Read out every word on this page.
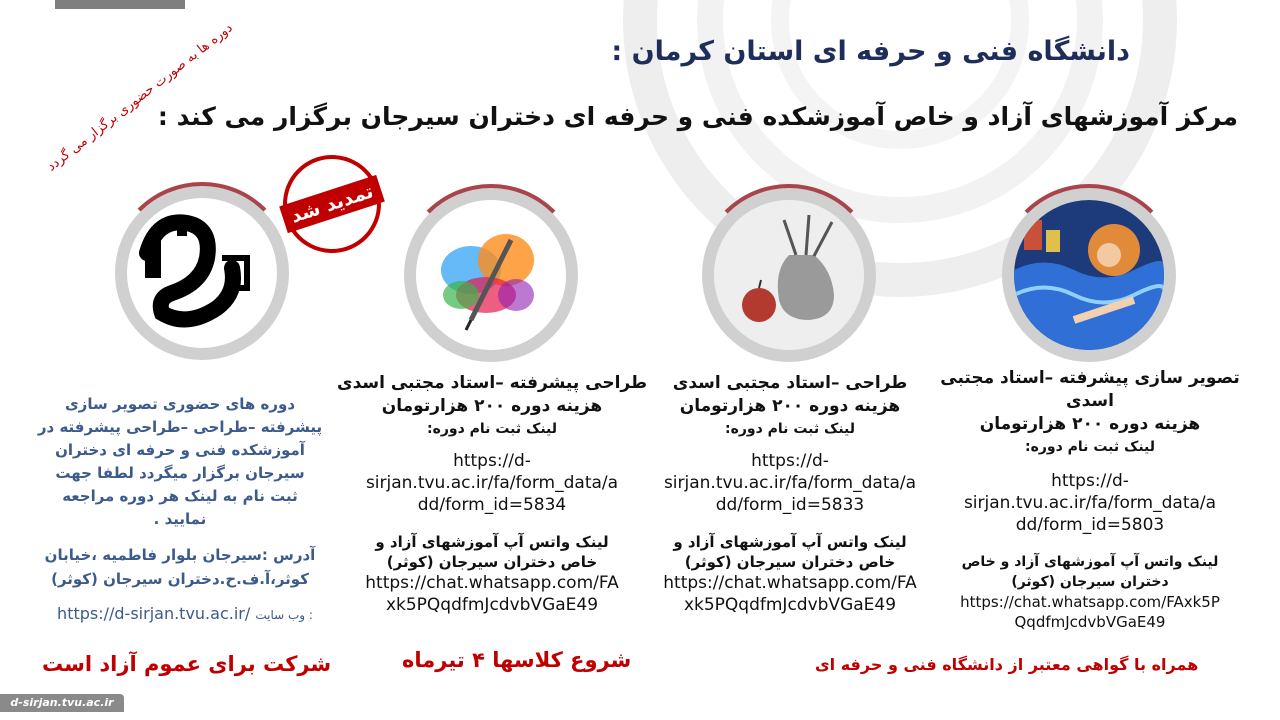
دانشگاه فنی و حرفه ای استان کرمان :
مرکز آموزشهای آزاد و خاص آموزشکده فنی و حرفه ای دختران سیرجان برگزار می کند :
دوره ها به صورت حضوری برگزار می گردد
تمدید شد
تصویر سازی پیشرفته –استاد مجتبی اسدی
هزینه دوره ۲۰۰ هزارتومان
لینک ثبت نام دوره:
https://d-
sirjan.tvu.ac.ir/fa/form_data/a
dd/form_id=5803
لینک واتس آپ آموزشهای آزاد و خاص
دختران سیرجان (کوثر)
https://chat.whatsapp.com/FAxk5P
QqdfmJcdvbVGaE49
طراحی –استاد مجتبی اسدی
هزینه دوره ۲۰۰ هزارتومان
لینک ثبت نام دوره:
https://d-
sirjan.tvu.ac.ir/fa/form_data/a
dd/form_id=5833
لینک واتس آپ آموزشهای آزاد و
خاص دختران سیرجان (کوثر)
https://chat.whatsapp.com/FA
xk5PQqdfmJcdvbVGaE49
طراحی پیشرفته –استاد مجتبی اسدی
هزینه دوره ۲۰۰ هزارتومان
لینک ثبت نام دوره:
https://d-
sirjan.tvu.ac.ir/fa/form_data/a
dd/form_id=5834
لینک واتس آپ آموزشهای آزاد و
خاص دختران سیرجان (کوثر)
https://chat.whatsapp.com/FA
xk5PQqdfmJcdvbVGaE49
دوره های حضوری تصویر سازی
پیشرفته –طراحی –طراحی پیشرفته در
آموزشکده فنی و حرفه ای دختران
سیرجان برگزار میگردد لطفا جهت
ثبت نام به لینک هر دوره مراجعه
نمایید .
آدرس :سیرجان بلوار فاطمیه ،خیابان
کوثر،آ.ف.ح.دختران سیرجان (کوثر)
: وب سایت https://d-sirjan.tvu.ac.ir/
شرکت برای عموم آزاد است	شروع کلاسها ۴ تیرماه	همراه با گواهی معتبر از دانشگاه فنی و حرفه ای
d-sirjan.tvu.ac.ir
